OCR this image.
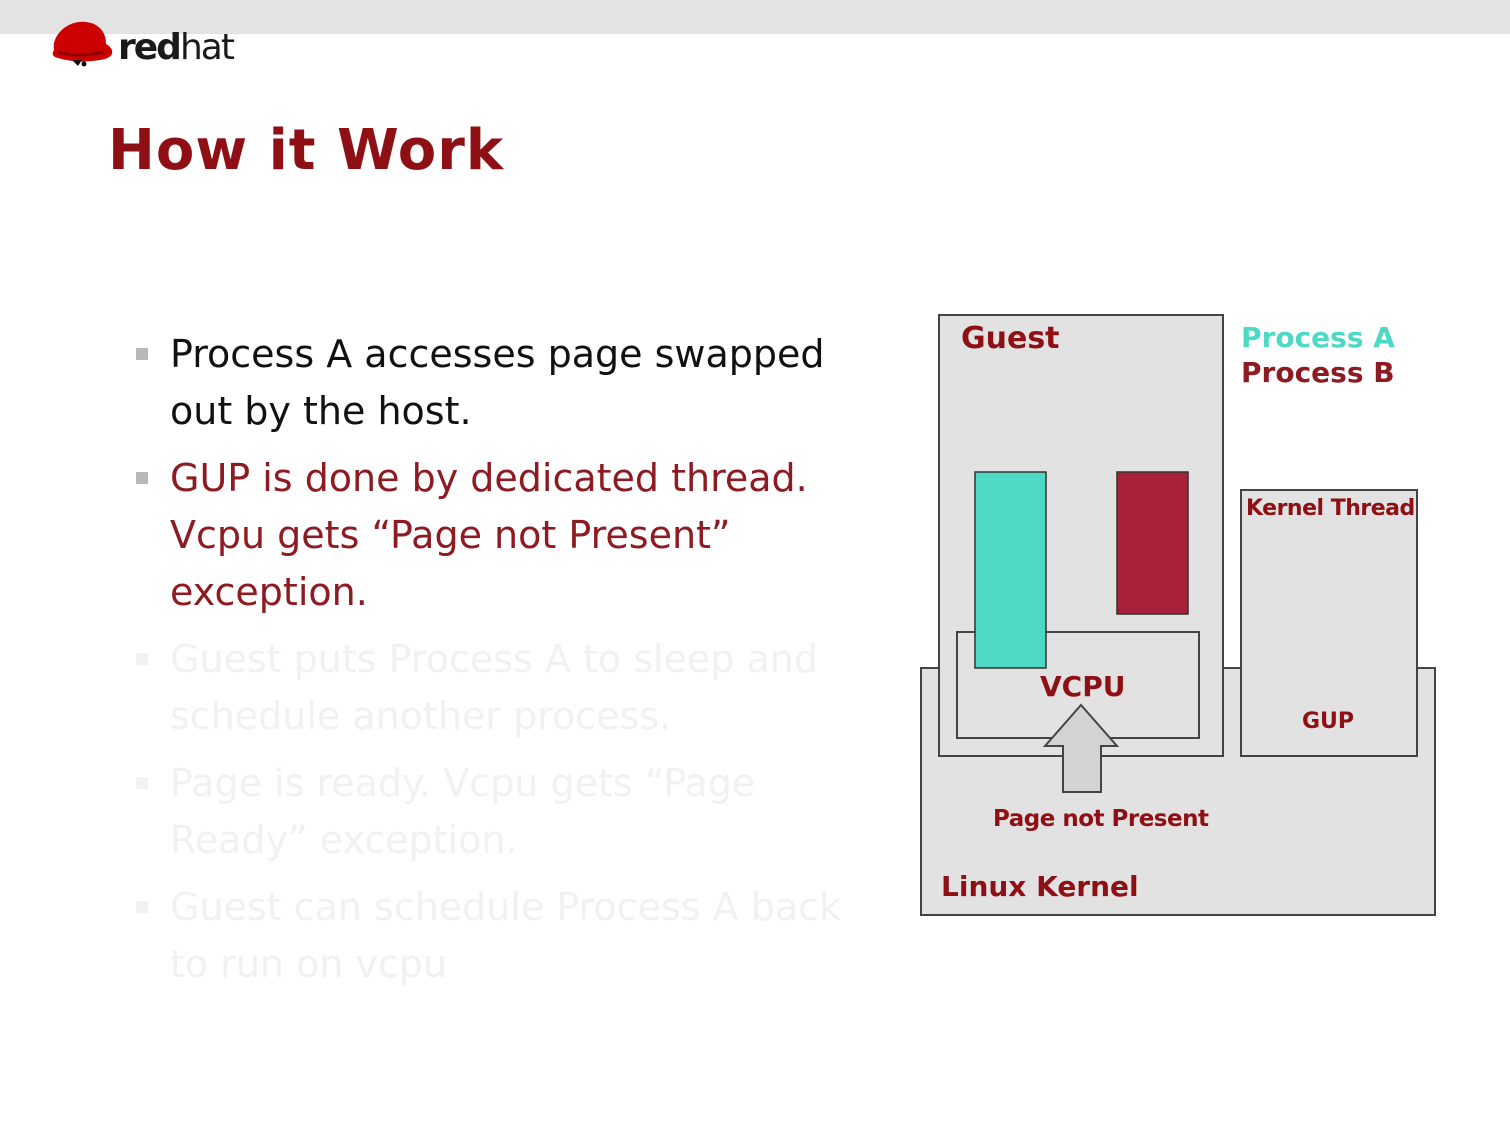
redhat
How it Work
Process A accesses page swapped out by the host.
GUP is done by dedicated thread. Vcpu gets “Page not Present” exception.
Guest puts Process A to sleep and schedule another process.
Page is ready. Vcpu gets “Page Ready” exception.
Guest can schedule Process A back to run on vcpu
Guest	Process A
Process B
Kernel Thread
VCPU
GUP
Page not Present
Linux Kernel
